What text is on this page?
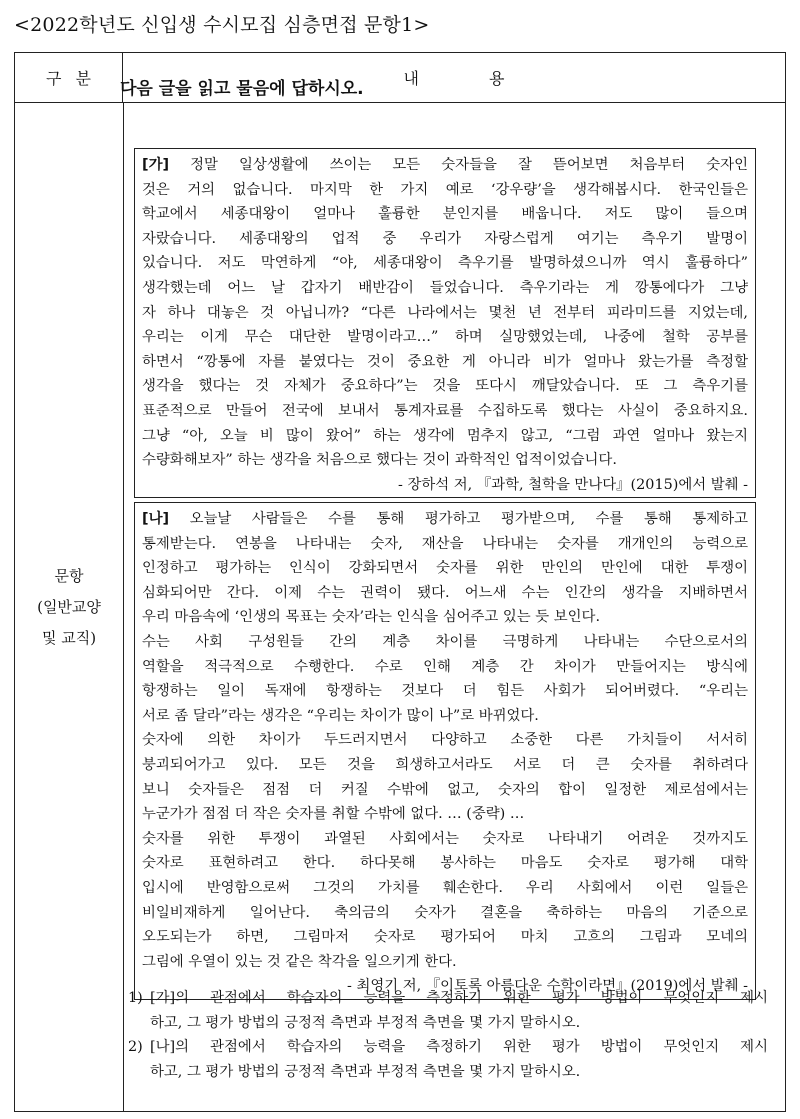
<2022학년도 신입생 수시모집 심층면접 문항1>
구분	내용
문항
(일반교양
및 교직)
다음 글을 읽고 물음에 답하시오.

[가] 정말 일상생활에 쓰이는 모든 숫자들을 잘 뜯어보면 처음부터 숫자인

것은 거의 없습니다. 마지막 한 가지 예로 ‘강우량’을 생각해봅시다. 한국인들은

학교에서 세종대왕이 얼마나 훌륭한 분인지를 배웁니다. 저도 많이 들으며

자랐습니다. 세종대왕의 업적 중 우리가 자랑스럽게 여기는 측우기 발명이

있습니다. 저도 막연하게 “야, 세종대왕이 측우기를 발명하셨으니까 역시 훌륭하다”

생각했는데 어느 날 갑자기 배반감이 들었습니다. 측우기라는 게 깡통에다가 그냥

자 하나 대놓은 것 아닙니까? “다른 나라에서는 몇천 년 전부터 피라미드를 지었는데,

우리는 이게 무슨 대단한 발명이라고…” 하며 실망했었는데, 나중에 철학 공부를

하면서 “깡통에 자를 붙였다는 것이 중요한 게 아니라 비가 얼마나 왔는가를 측정할

생각을 했다는 것 자체가 중요하다”는 것을 또다시 깨달았습니다. 또 그 측우기를

표준적으로 만들어 전국에 보내서 통계자료를 수집하도록 했다는 사실이 중요하지요.

그냥 “아, 오늘 비 많이 왔어” 하는 생각에 멈추지 않고, “그럼 과연 얼마나 왔는지

수량화해보자” 하는 생각을 처음으로 했다는 것이 과학적인 업적이었습니다.

- 장하석 저, 『과학, 철학을 만나다』(2015)에서 발췌 -

[나] 오늘날 사람들은 수를 통해 평가하고 평가받으며, 수를 통해 통제하고

통제받는다. 연봉을 나타내는 숫자, 재산을 나타내는 숫자를 개개인의 능력으로

인정하고 평가하는 인식이 강화되면서 숫자를 위한 만인의 만인에 대한 투쟁이

심화되어만 간다. 이제 수는 권력이 됐다. 어느새 수는 인간의 생각을 지배하면서

우리 마음속에 ‘인생의 목표는 숫자’라는 인식을 심어주고 있는 듯 보인다.

수는 사회 구성원들 간의 계층 차이를 극명하게 나타내는 수단으로서의

역할을 적극적으로 수행한다. 수로 인해 계층 간 차이가 만들어지는 방식에

항쟁하는 일이 독재에 항쟁하는 것보다 더 힘든 사회가 되어버렸다. “우리는

서로 좀 달라”라는 생각은 “우리는 차이가 많이 나”로 바뀌었다.

숫자에 의한 차이가 두드러지면서 다양하고 소중한 다른 가치들이 서서히

붕괴되어가고 있다. 모든 것을 희생하고서라도 서로 더 큰 숫자를 취하려다

보니 숫자들은 점점 더 커질 수밖에 없고, 숫자의 합이 일정한 제로섬에서는

누군가가 점점 더 작은 숫자를 취할 수밖에 없다. … (중략) …

숫자를 위한 투쟁이 과열된 사회에서는 숫자로 나타내기 어려운 것까지도

숫자로 표현하려고 한다. 하다못해 봉사하는 마음도 숫자로 평가해 대학

입시에 반영함으로써 그것의 가치를 훼손한다. 우리 사회에서 이런 일들은

비일비재하게 일어난다. 축의금의 숫자가 결혼을 축하하는 마음의 기준으로

오도되는가 하면, 그림마저 숫자로 평가되어 마치 고흐의 그림과 모네의

그림에 우열이 있는 것 같은 착각을 일으키게 한다.

- 최영기 저, 『이토록 아름다운 수학이라면』(2019)에서 발췌 -

1) [가]의 관점에서 학습자의 능력을 측정하기 위한 평가 방법이 무엇인지 제시
하고, 그 평가 방법의 긍정적 측면과 부정적 측면을 몇 가지 말하시오.
2) [나]의 관점에서 학습자의 능력을 측정하기 위한 평가 방법이 무엇인지 제시
하고, 그 평가 방법의 긍정적 측면과 부정적 측면을 몇 가지 말하시오.
